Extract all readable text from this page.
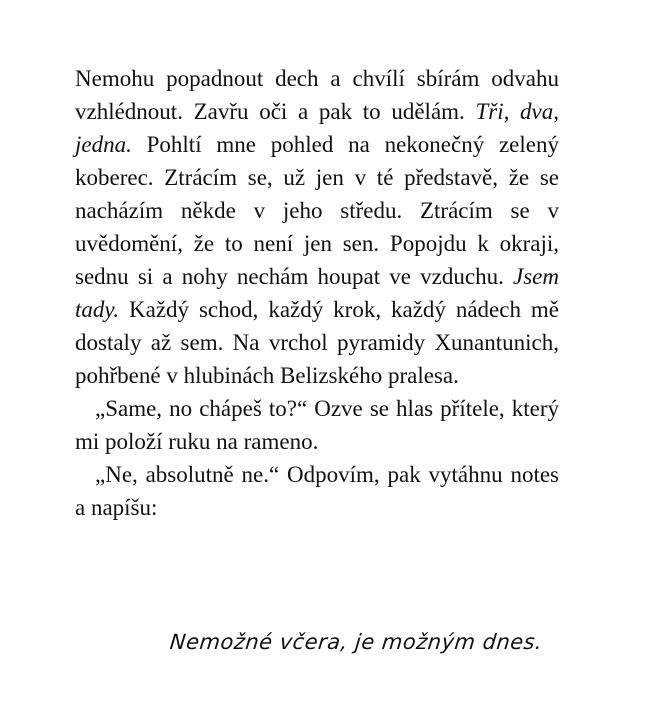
Nemohu popadnout dech a chvílí sbírám odvahu vzhlédnout. Zavřu oči a pak to udělám. Tři, dva, jedna. Pohltí mne pohled na nekonečný zelený koberec. Ztrácím se, už jen v té představě, že se nacházím někde v jeho středu. Ztrácím se v uvědomění, že to není jen sen. Popojdu k okraji, sednu si a nohy nechám houpat ve vzduchu. Jsem tady. Každý schod, každý krok, každý nádech mě dostaly až sem. Na vrchol pyramidy Xunantunich, pohřbené v hlubinách Belizského pralesa.

„Same, no chápeš to?“ Ozve se hlas přítele, který mi položí ruku na rameno.

„Ne, absolutně ne.“ Odpovím, pak vytáhnu notes a napíšu:

Nemožné včera, je možným dnes.
